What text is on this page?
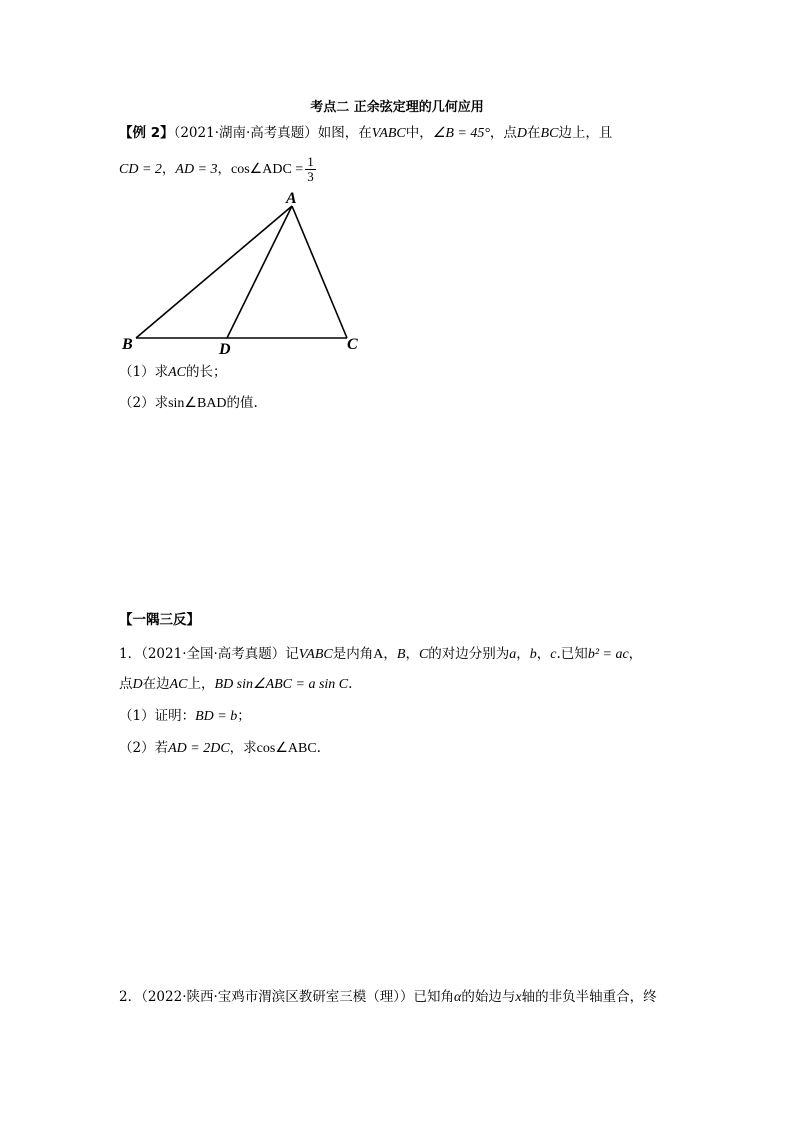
考点二 正余弦定理的几何应用
【例 2】（2021·湖南·高考真题）如图，在VABC中，∠B = 45°，点D在BC边上，且
CD = 2，AD = 3，cos∠ADC = $\frac{1}{3}$
A
B	D	C
（1）求AC的长；
（2）求sin∠BAD的值.
【一隅三反】
1．（2021·全国·高考真题）记VABC是内角A，B，C的对边分别为a，b，c.已知b² = ac，
点D在边AC上，BD sin∠ABC = a sin C.
（1）证明：BD = b；
（2）若AD = 2DC，求cos∠ABC.
2．（2022·陕西·宝鸡市渭滨区教研室三模（理））已知角α的始边与x轴的非负半轴重合，终
